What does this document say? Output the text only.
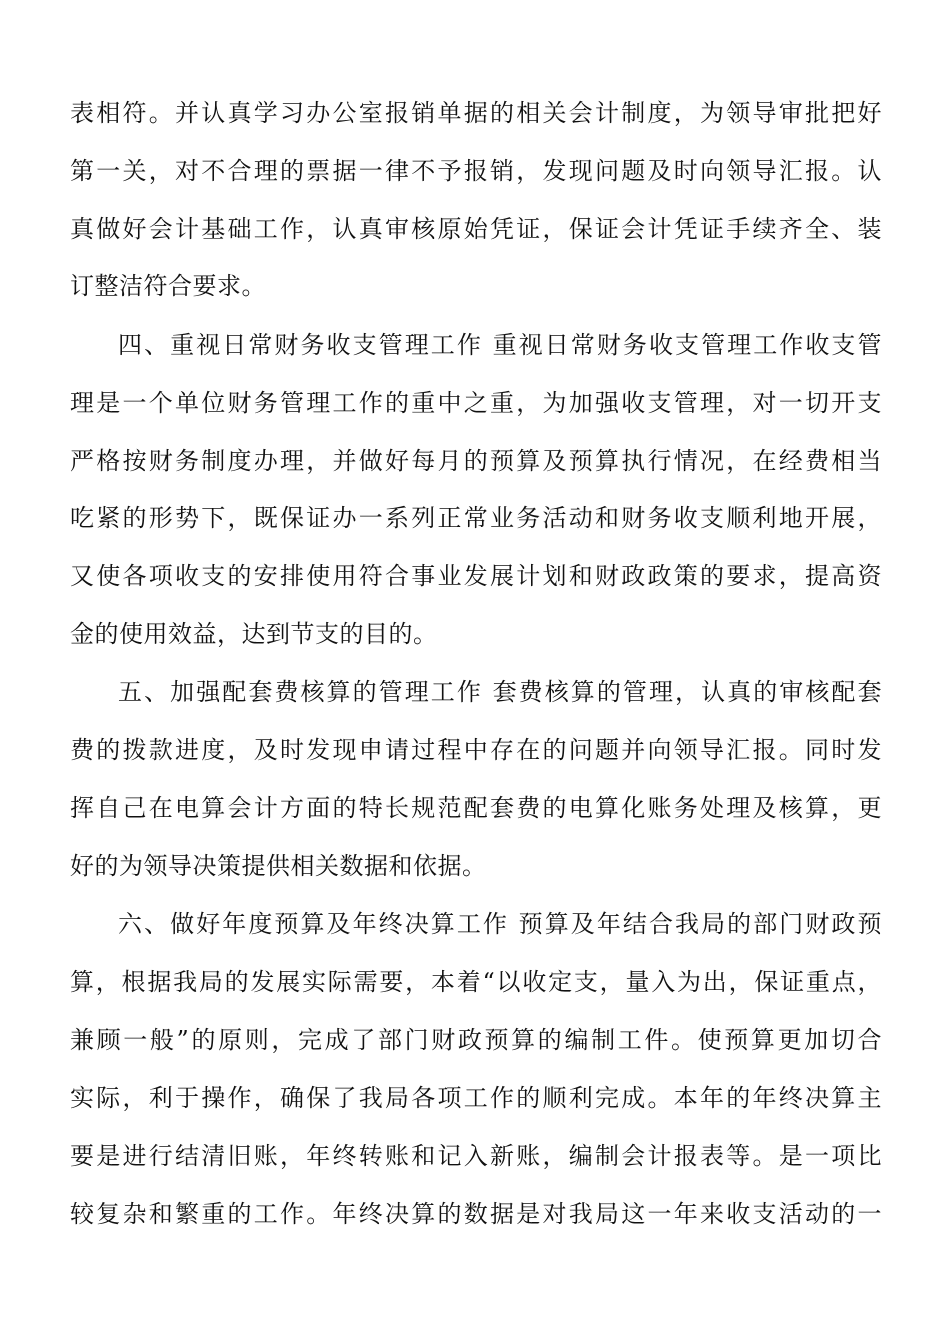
表相符。并认真学习办公室报销单据的相关会计制度，为领导审批把好
第一关，对不合理的票据一律不予报销，发现问题及时向领导汇报。认
真做好会计基础工作，认真审核原始凭证，保证会计凭证手续齐全、装
订整洁符合要求。
四、重视日常财务收支管理工作 重视日常财务收支管理工作收支管
理是一个单位财务管理工作的重中之重，为加强收支管理，对一切开支
严格按财务制度办理，并做好每月的预算及预算执行情况，在经费相当
吃紧的形势下，既保证办一系列正常业务活动和财务收支顺利地开展，
又使各项收支的安排使用符合事业发展计划和财政政策的要求，提高资
金的使用效益，达到节支的目的。
五、加强配套费核算的管理工作 套费核算的管理，认真的审核配套
费的拨款进度，及时发现申请过程中存在的问题并向领导汇报。同时发
挥自己在电算会计方面的特长规范配套费的电算化账务处理及核算，更
好的为领导决策提供相关数据和依据。
六、做好年度预算及年终决算工作 预算及年结合我局的部门财政预
算，根据我局的发展实际需要，本着“以收定支，量入为出，保证重点，
兼顾一般”的原则，完成了部门财政预算的编制工件。使预算更加切合
实际，利于操作，确保了我局各项工作的顺利完成。本年的年终决算主
要是进行结清旧账，年终转账和记入新账，编制会计报表等。是一项比
较复杂和繁重的工作。年终决算的数据是对我局这一年来收支活动的一
